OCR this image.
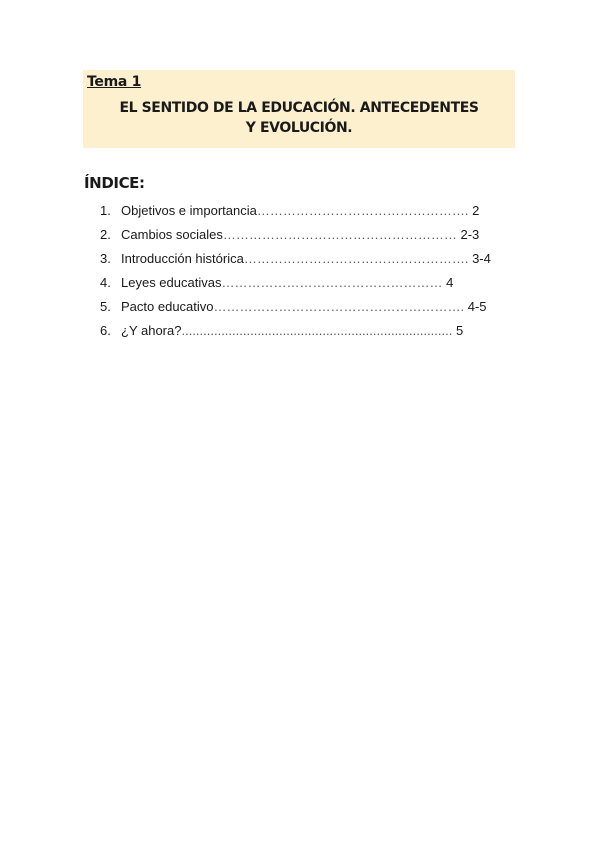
Tema 1
EL SENTIDO DE LA EDUCACIÓN. ANTECEDENTES
Y EVOLUCIÓN.
ÍNDICE:
1. Objetivos e importancia…………………………………………. 2
2. Cambios sociales……………………………………………… 2-3
3. Introducción histórica……………………………………………. 3-4
4. Leyes educativas…………………………………………… 4
5. Pacto educativo…………………………………………………. 4-5
6. ¿Y ahora?........................................................................... 5
